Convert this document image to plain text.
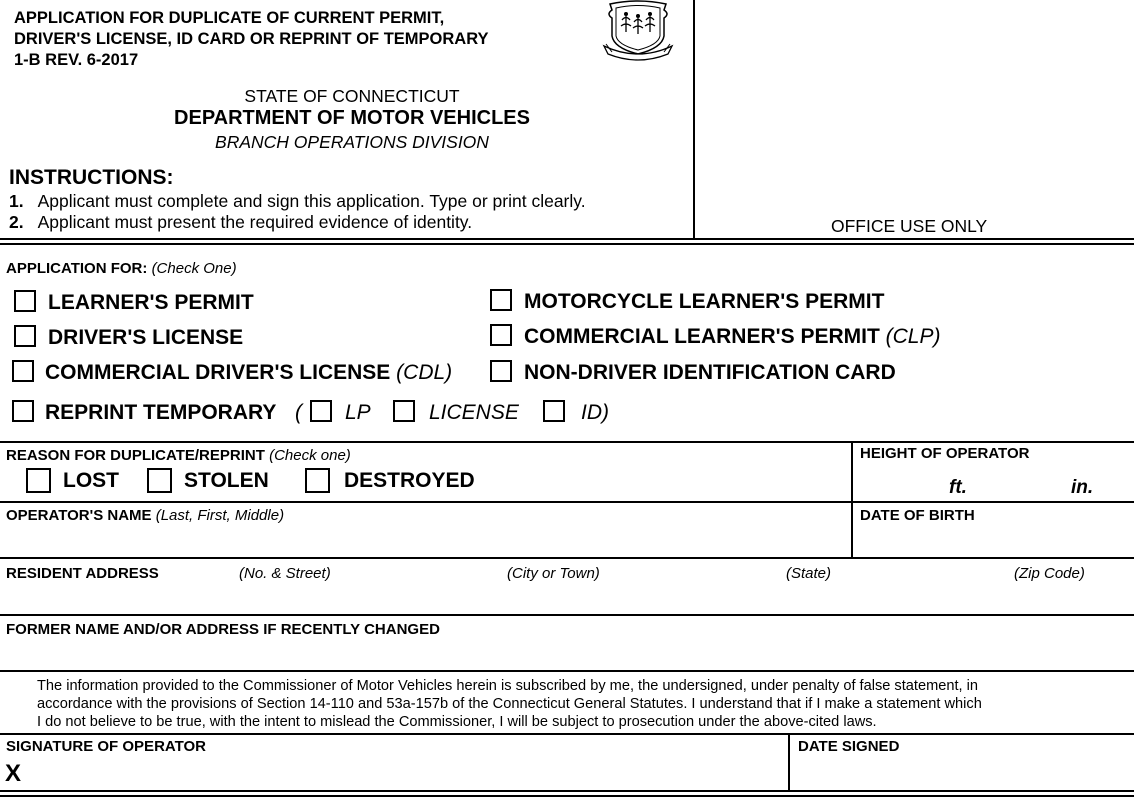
APPLICATION FOR DUPLICATE OF CURRENT PERMIT,
DRIVER'S LICENSE, ID CARD OR REPRINT OF TEMPORARY
1-B REV. 6-2017
STATE OF CONNECTICUT
DEPARTMENT OF MOTOR VEHICLES
BRANCH OPERATIONS DIVISION
INSTRUCTIONS:
1. Applicant must complete and sign this application. Type or print clearly.
2. Applicant must present the required evidence of identity.	OFFICE USE ONLY
APPLICATION FOR: (Check One)
LEARNER'S PERMIT	MOTORCYCLE LEARNER'S PERMIT
DRIVER'S LICENSE	COMMERCIAL LEARNER'S PERMIT (CLP)
COMMERCIAL DRIVER'S LICENSE (CDL)	NON-DRIVER IDENTIFICATION CARD
REPRINT TEMPORARY ( LP	LICENSE	ID)
REASON FOR DUPLICATE/REPRINT (Check one)
LOST	STOLEN	DESTROYED
HEIGHT OF OPERATOR
ft.	in.
OPERATOR'S NAME (Last, First, Middle)	DATE OF BIRTH
RESIDENT ADDRESS	(No. & Street)	(City or Town)	(State)	(Zip Code)
FORMER NAME AND/OR ADDRESS IF RECENTLY CHANGED
The information provided to the Commissioner of Motor Vehicles herein is subscribed by me, the undersigned, under penalty of false statement, in
accordance with the provisions of Section 14-110 and 53a-157b of the Connecticut General Statutes. I understand that if I make a statement which
I do not believe to be true, with the intent to mislead the Commissioner, I will be subject to prosecution under the above-cited laws.
SIGNATURE OF OPERATOR
X
DATE SIGNED
